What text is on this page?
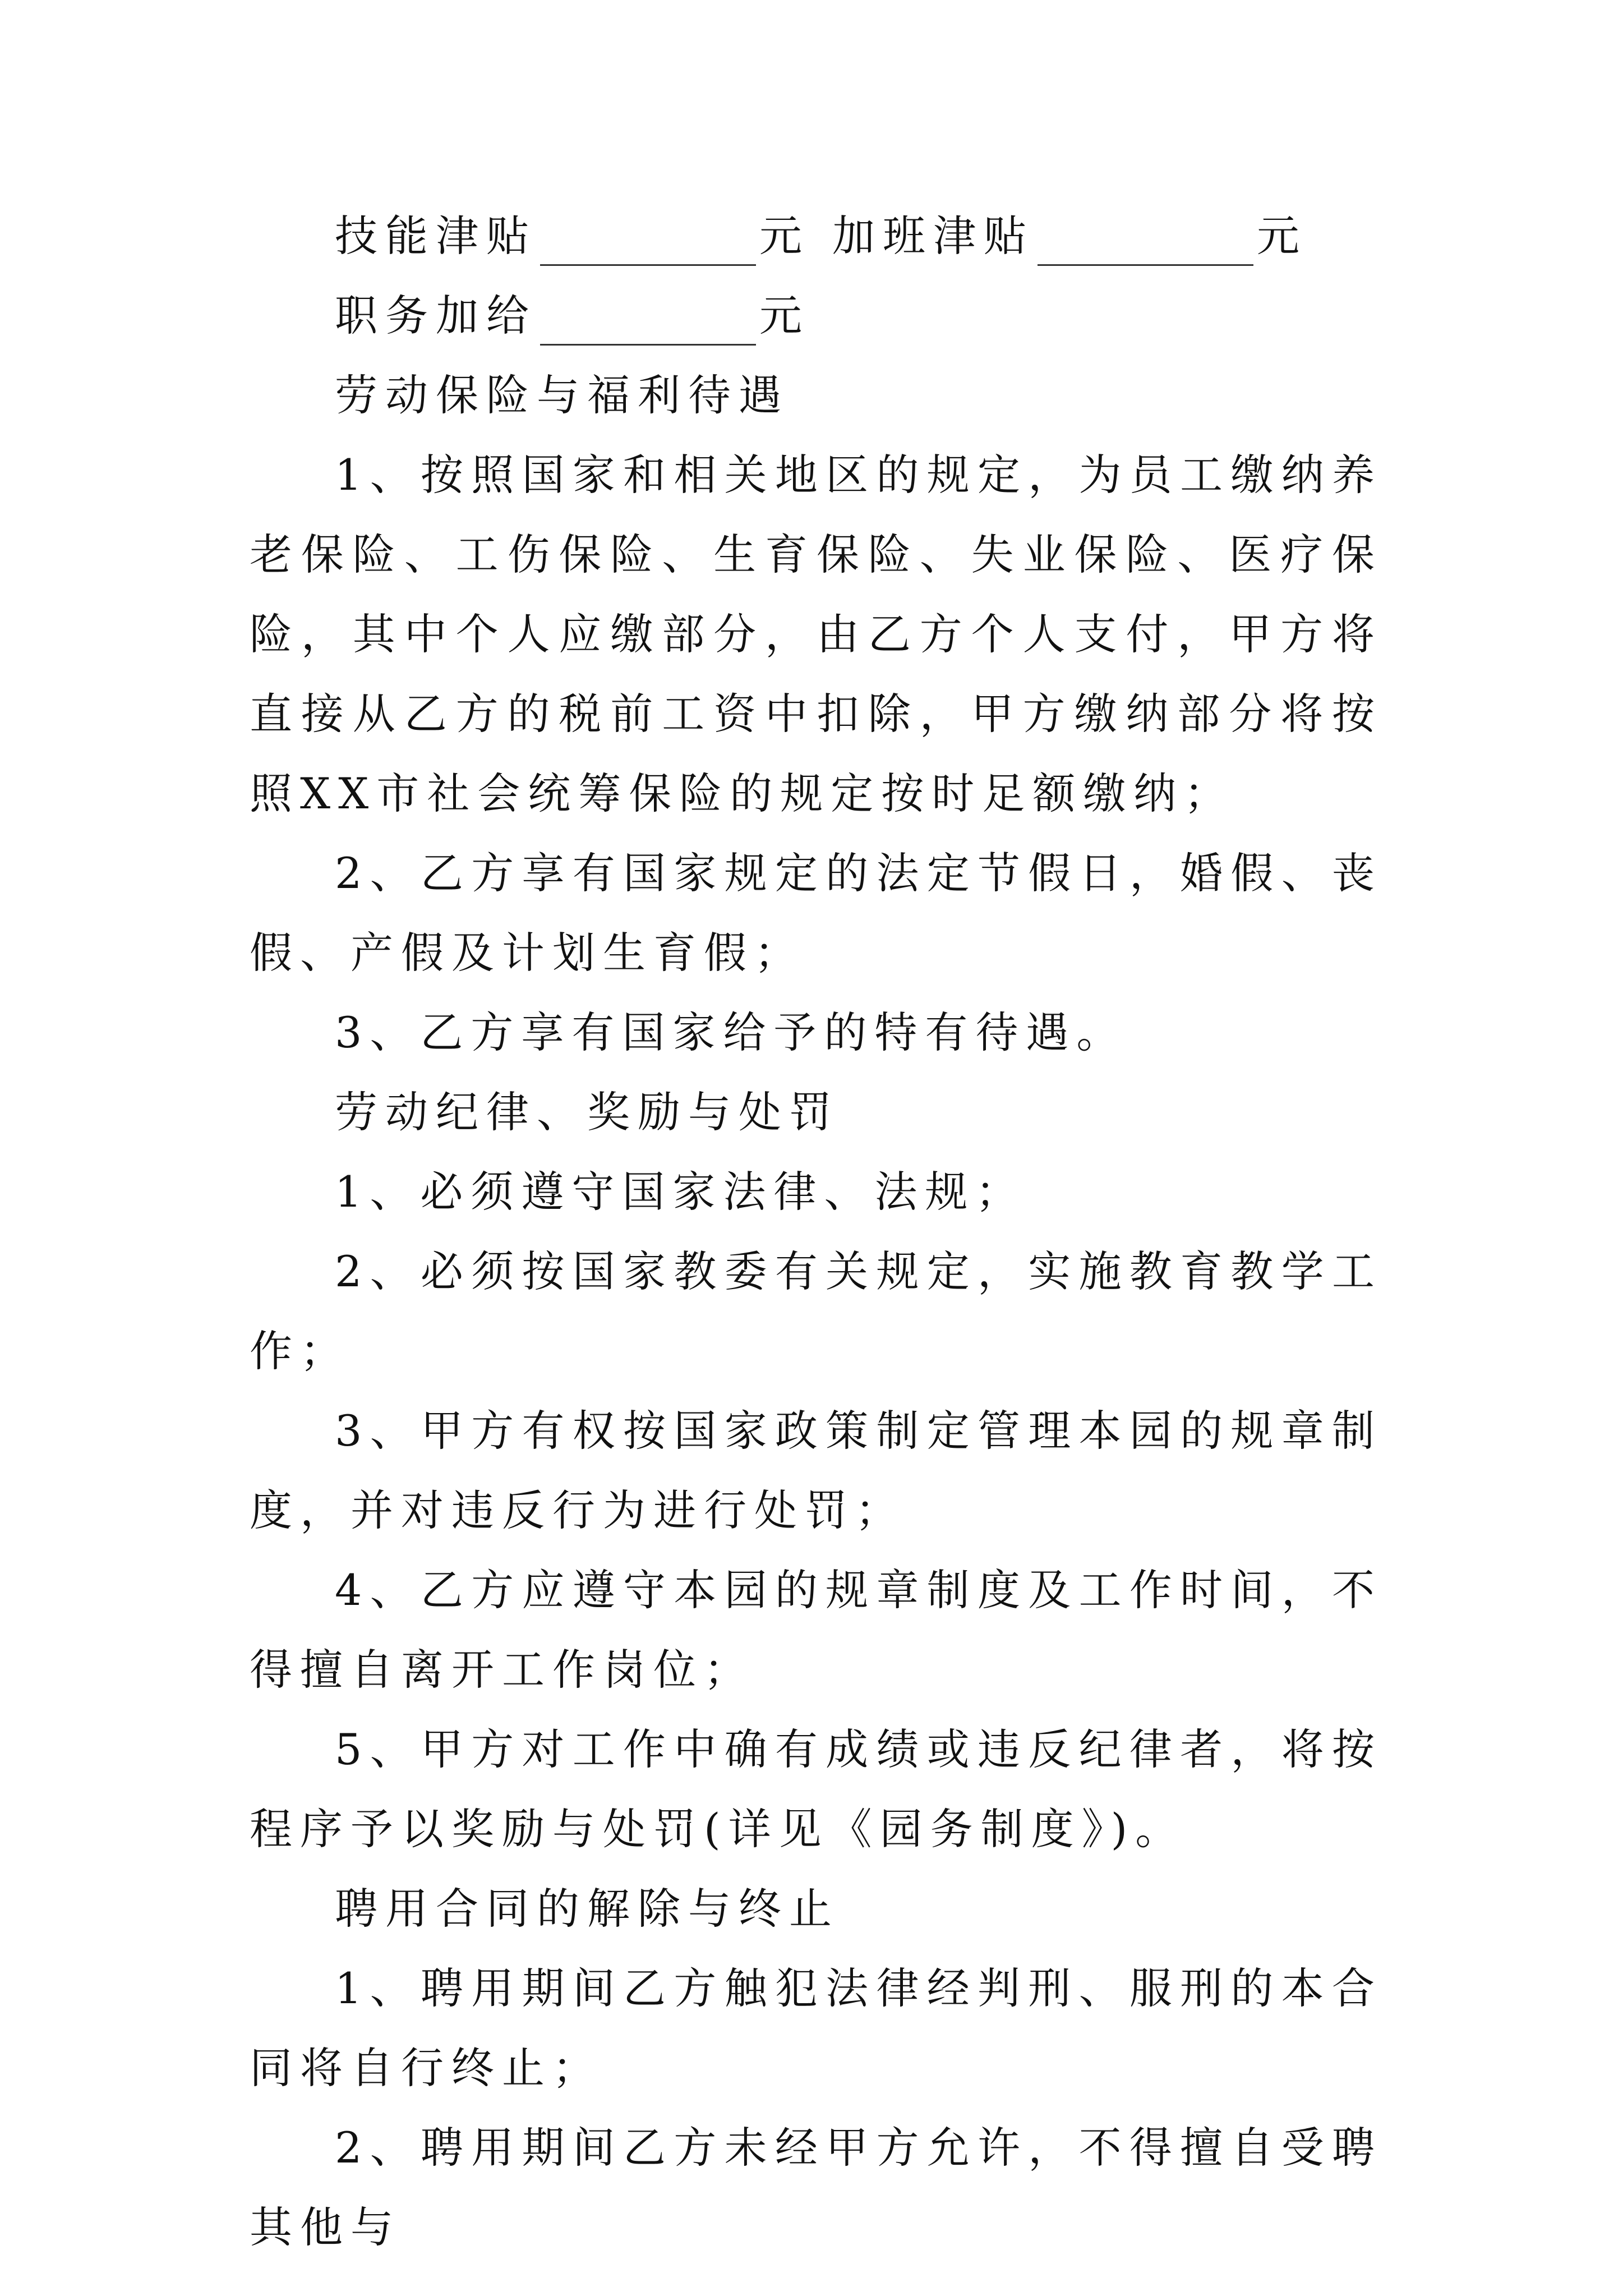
技能津贴	元 加班津贴	元

职务加给	元

劳动保险与福利待遇

1、按照国家和相关地区的规定，为员工缴纳养老保险、工伤保险、生育保险、失业保险、医疗保险，其中个人应缴部分，由乙方个人支付，甲方将直接从乙方的税前工资中扣除，甲方缴纳部分将按照XX市社会统筹保险的规定按时足额缴纳；

2、乙方享有国家规定的法定节假日，婚假、丧假、产假及计划生育假；

3、乙方享有国家给予的特有待遇。

劳动纪律、奖励与处罚

1、必须遵守国家法律、法规；

2、必须按国家教委有关规定，实施教育教学工作；

3、甲方有权按国家政策制定管理本园的规章制度，并对违反行为进行处罚；

4、乙方应遵守本园的规章制度及工作时间，不得擅自离开工作岗位；

5、甲方对工作中确有成绩或违反纪律者，将按程序予以奖励与处罚(详见《园务制度》)。

聘用合同的解除与终止

1、聘用期间乙方触犯法律经判刑、服刑的本合同将自行终止；

2、聘用期间乙方未经甲方允许，不得擅自受聘其他与
